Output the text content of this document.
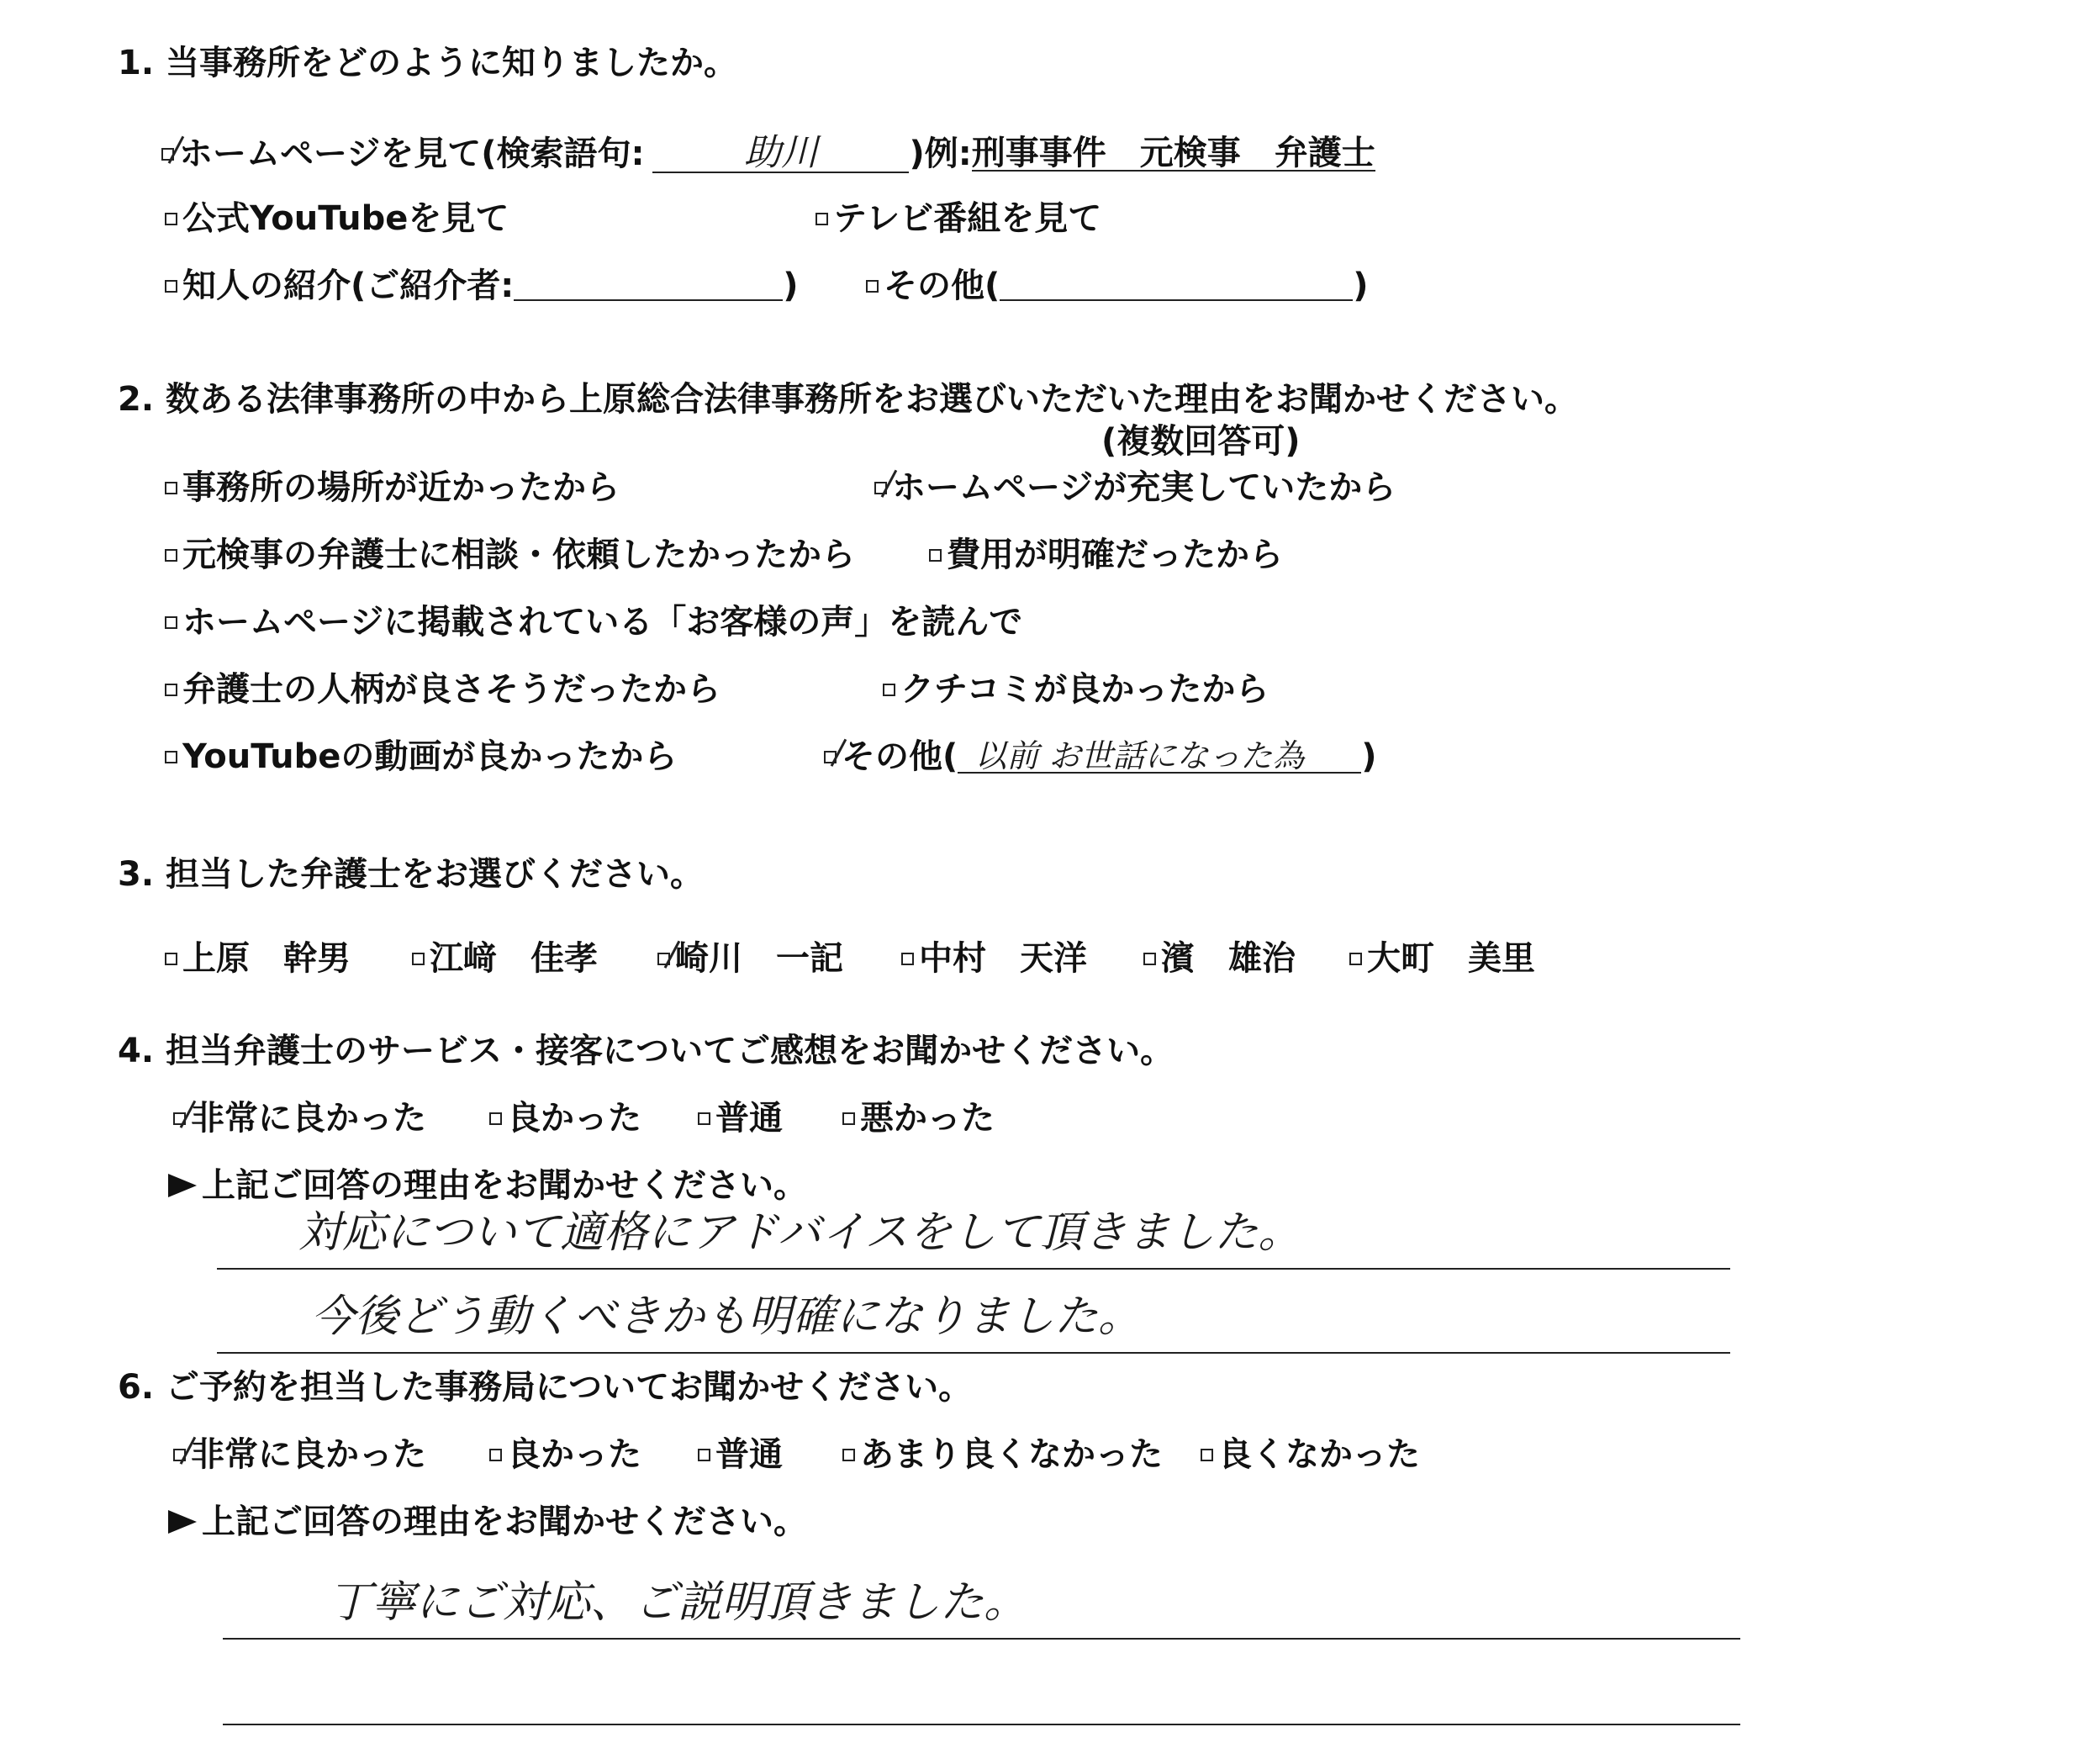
1. 当事務所をどのように知りましたか。
ホームページを見て(検索語句:	助川	)例: 刑事事件　元検事　弁護士
公式YouTubeを見て	テレビ番組を見て
知人の紹介(ご紹介者:	)	その他(	)
2. 数ある法律事務所の中から上原総合法律事務所をお選びいただいた理由をお聞かせください。
(複数回答可)
事務所の場所が近かったから	ホームページが充実していたから
元検事の弁護士に相談・依頼したかったから	費用が明確だったから
ホームページに掲載されている「お客様の声」を読んで
弁護士の人柄が良さそうだったから	クチコミが良かったから
YouTubeの動画が良かったから	その他( 以前 お世話になった為	)
3. 担当した弁護士をお選びください。
上原　幹男 江﨑　佳孝 崎川　一記 中村　天洋 濱　雄治 大町　美里
4. 担当弁護士のサービス・接客についてご感想をお聞かせください。
非常に良かった 良かった 普通 悪かった
上記ご回答の理由をお聞かせください。
対応について適格にアドバイスをして頂きました。
今後どう動くべきかも明確になりました。
6. ご予約を担当した事務局についてお聞かせください。
非常に良かった 良かった 普通 あまり良くなかった 良くなかった
上記ご回答の理由をお聞かせください。
丁寧にご対応、ご説明頂きました。
